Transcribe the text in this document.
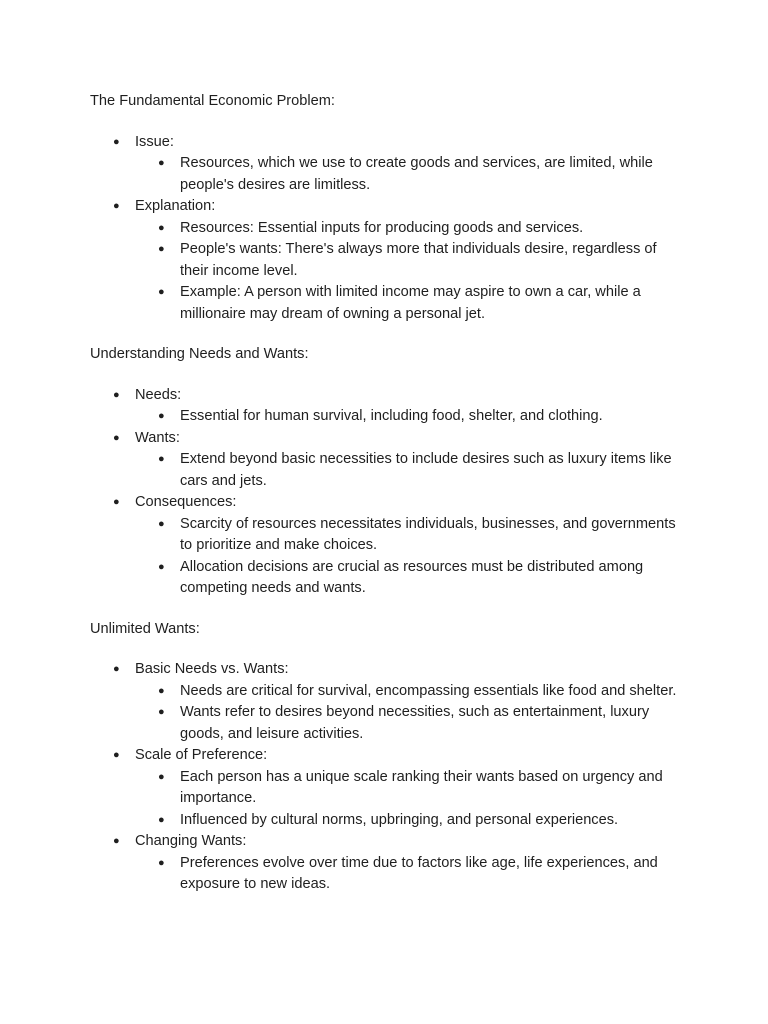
The Fundamental Economic Problem:

● Issue:
● Resources, which we use to create goods and services, are limited, while people's desires are limitless.
● Explanation:
● Resources: Essential inputs for producing goods and services.
● People's wants: There's always more that individuals desire, regardless of their income level.
● Example: A person with limited income may aspire to own a car, while a millionaire may dream of owning a personal jet.

Understanding Needs and Wants:

● Needs:
● Essential for human survival, including food, shelter, and clothing.
● Wants:
● Extend beyond basic necessities to include desires such as luxury items like cars and jets.
● Consequences:
● Scarcity of resources necessitates individuals, businesses, and governments to prioritize and make choices.
● Allocation decisions are crucial as resources must be distributed among competing needs and wants.

Unlimited Wants:

● Basic Needs vs. Wants:
● Needs are critical for survival, encompassing essentials like food and shelter.
● Wants refer to desires beyond necessities, such as entertainment, luxury goods, and leisure activities.
● Scale of Preference:
● Each person has a unique scale ranking their wants based on urgency and importance.
● Influenced by cultural norms, upbringing, and personal experiences.
● Changing Wants:
● Preferences evolve over time due to factors like age, life experiences, and exposure to new ideas.
